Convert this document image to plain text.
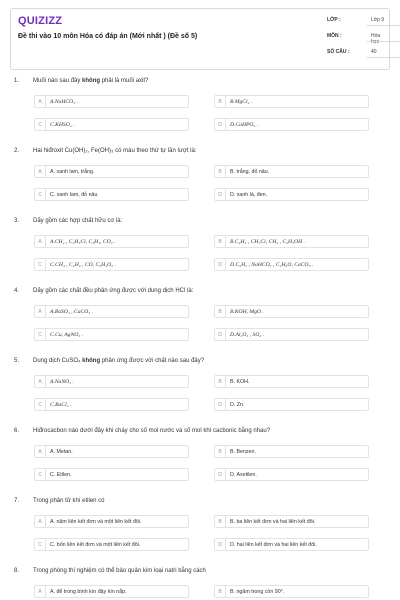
QUIZIZZ
Đề thi vào 10 môn Hóa có đáp án (Mới nhất ) (Đề số 5)
LỚP :	Lớp 9
MÔN :	Hóa học
SỐ CÂU :	40
1. Muối nào sau đây không phải là muối axit?
A	A.NaHCO₃ .	B	B.MgCl₂ .
C	C.KHSO₄ .	D	D.CaHPO₄ .
2. Hai hiđroxit Cu(OH)₂, Fe(OH)₃ có màu theo thứ tự lần lượt là:
A	A. xanh lam, trắng.	B	B. trắng, đỏ nâu.
C	C. xanh lam, đỏ nâu	D	D. xanh lá, đen.
3. Dãy gồm các hợp chất hữu cơ là:
A	A.CH₄ , C₂H₅Cl, C₂H₄, CO₂ .	B	B.C₂H₄ , CH₃Cl, CH₄ , C₂H₅OH .
C	C.CH₄ , C₂H₂ , CO, C₂H₄O₂ .	D	D.C₂H₂ , NaHCO₃ , C₂H₆O, CaCO₃ .
4. Dãy gồm các chất đều phản ứng được với dung dịch HCl là:
A	A.BaSO₄ , CaCO₃ .	B	B.KOH, MgO .
C	C.Cu, AgNO₃ .	D	D.Al₂O₃ , SO₂ .
5. Dung dịch CuSO₄ không phản ứng được với chất nào sau đây?
A	A.NaNO₃ .	B	B. KOH.
C	C.BaCl₂ .	D	D. Zn.
6. Hiđrocacbon nào dưới đây khi cháy cho số mol nước và số mol khí cacbonic bằng nhau?
A	A. Metan.	B	B. Benzen.
C	C. Etilen.	D	D. Axetilen.
7. Trong phân tử khí etilen có
A	A. năm liên kết đơn và một liên kết đôi.	B	B. ba liên kết đơn và hai liên kết đôi.
C	C. bốn liên kết đơn và một liên kết đôi.	D	D. hai liên kết đơn và hai liên kết đôi.
8. Trong phòng thí nghiệm có thể bảo quản kim loại natri bằng cách
A	A. để trong bình kín đậy kín nắp.	B	B. ngâm trong cồn 90°.
